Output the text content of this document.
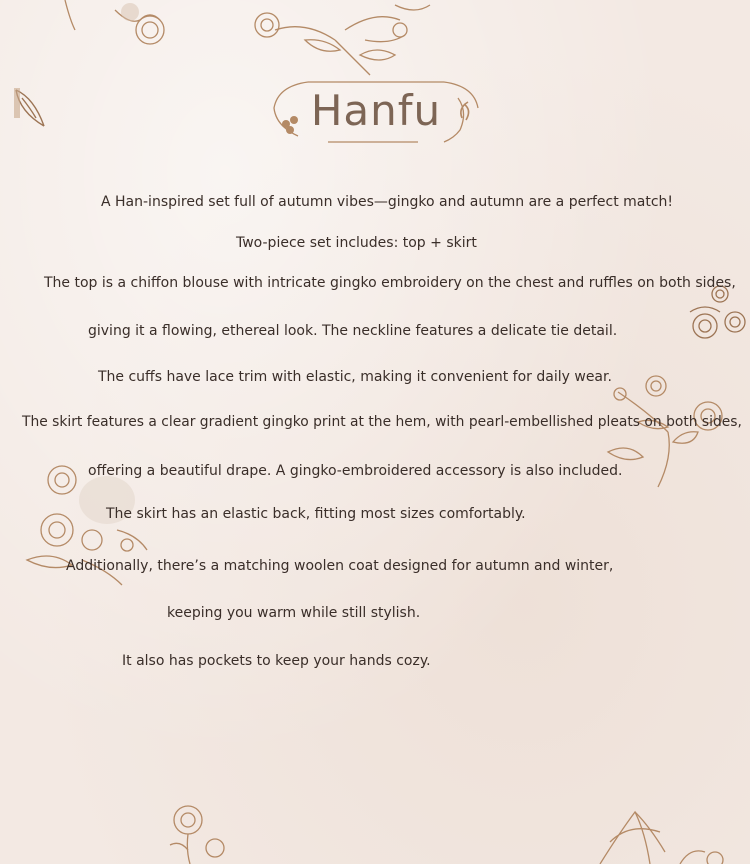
Hanfu
A Han-inspired set full of autumn vibes—gingko and autumn are a perfect match!
Two-piece set includes: top + skirt
The top is a chiffon blouse with intricate gingko embroidery on the chest and ruffles on both sides,
giving it a flowing, ethereal look. The neckline features a delicate tie detail.
The cuffs have lace trim with elastic, making it convenient for daily wear.
The skirt features a clear gradient gingko print at the hem, with pearl-embellished pleats on both sides,
offering a beautiful drape. A gingko-embroidered accessory is also included.
The skirt has an elastic back, fitting most sizes comfortably.
Additionally, there’s a matching woolen coat designed for autumn and winter,
keeping you warm while still stylish.
It also has pockets to keep your hands cozy.
